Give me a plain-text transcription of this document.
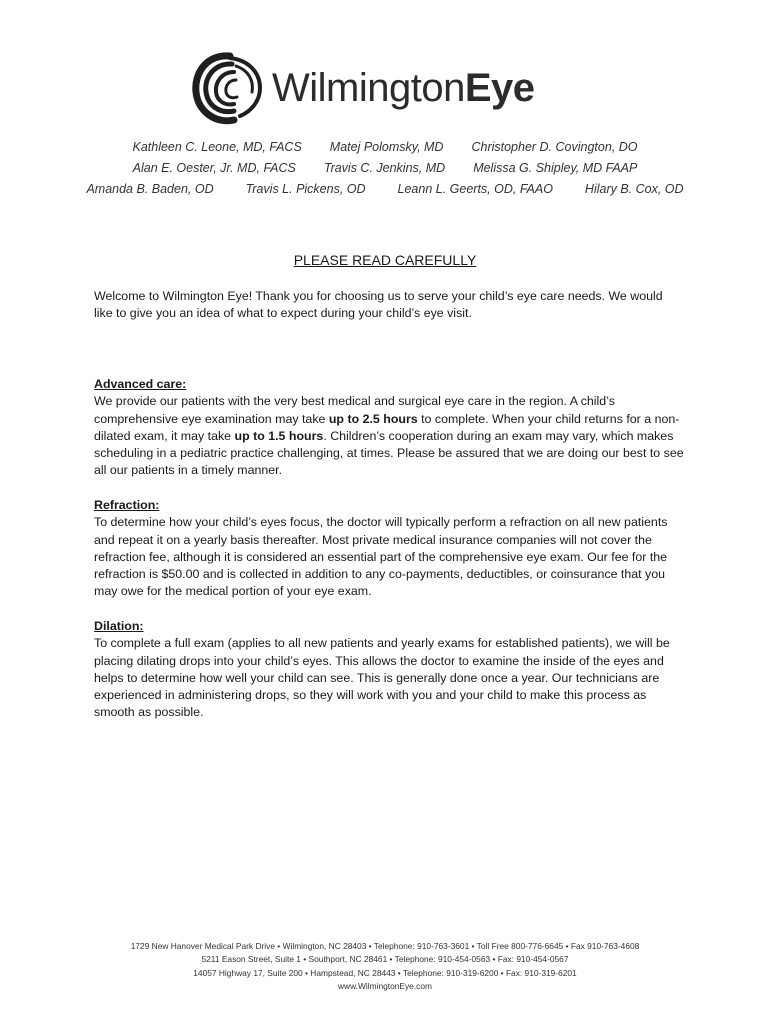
WilmingtonEye
Kathleen C. Leone, MD, FACS Matej Polomsky, MD Christopher D. Covington, DO
Alan E. Oester, Jr. MD, FACS Travis C. Jenkins, MD Melissa G. Shipley, MD FAAP
Amanda B. Baden, OD	Travis L. Pickens, OD	Leann L. Geerts, OD, FAAO	Hilary B. Cox, OD
PLEASE READ CAREFULLY
Welcome to Wilmington Eye! Thank you for choosing us to serve your child’s eye care needs. We would like to give you an idea of what to expect during your child’s eye visit.
Advanced care:
We provide our patients with the very best medical and surgical eye care in the region. A child’s comprehensive eye examination may take up to 2.5 hours to complete. When your child returns for a non-dilated exam, it may take up to 1.5 hours. Children’s cooperation during an exam may vary, which makes scheduling in a pediatric practice challenging, at times. Please be assured that we are doing our best to see all our patients in a timely manner.
Refraction:
To determine how your child’s eyes focus, the doctor will typically perform a refraction on all new patients and repeat it on a yearly basis thereafter. Most private medical insurance companies will not cover the refraction fee, although it is considered an essential part of the comprehensive eye exam. Our fee for the refraction is $50.00 and is collected in addition to any co-payments, deductibles, or coinsurance that you may owe for the medical portion of your eye exam.
Dilation:
To complete a full exam (applies to all new patients and yearly exams for established patients), we will be placing dilating drops into your child’s eyes. This allows the doctor to examine the inside of the eyes and helps to determine how well your child can see. This is generally done once a year. Our technicians are experienced in administering drops, so they will work with you and your child to make this process as smooth as possible.
1729 New Hanover Medical Park Drive • Wilmington, NC 28403 • Telephone: 910-763-3601 • Toll Free 800-776-6645 • Fax 910-763-4608
5211 Eason Street, Suite 1 • Southport, NC 28461 • Telephone: 910-454-0563 • Fax: 910-454-0567
14057 Highway 17, Suite 200 • Hampstead, NC 28443 • Telephone: 910-319-6200 • Fax: 910-319-6201
www.WilmingtonEye.com
